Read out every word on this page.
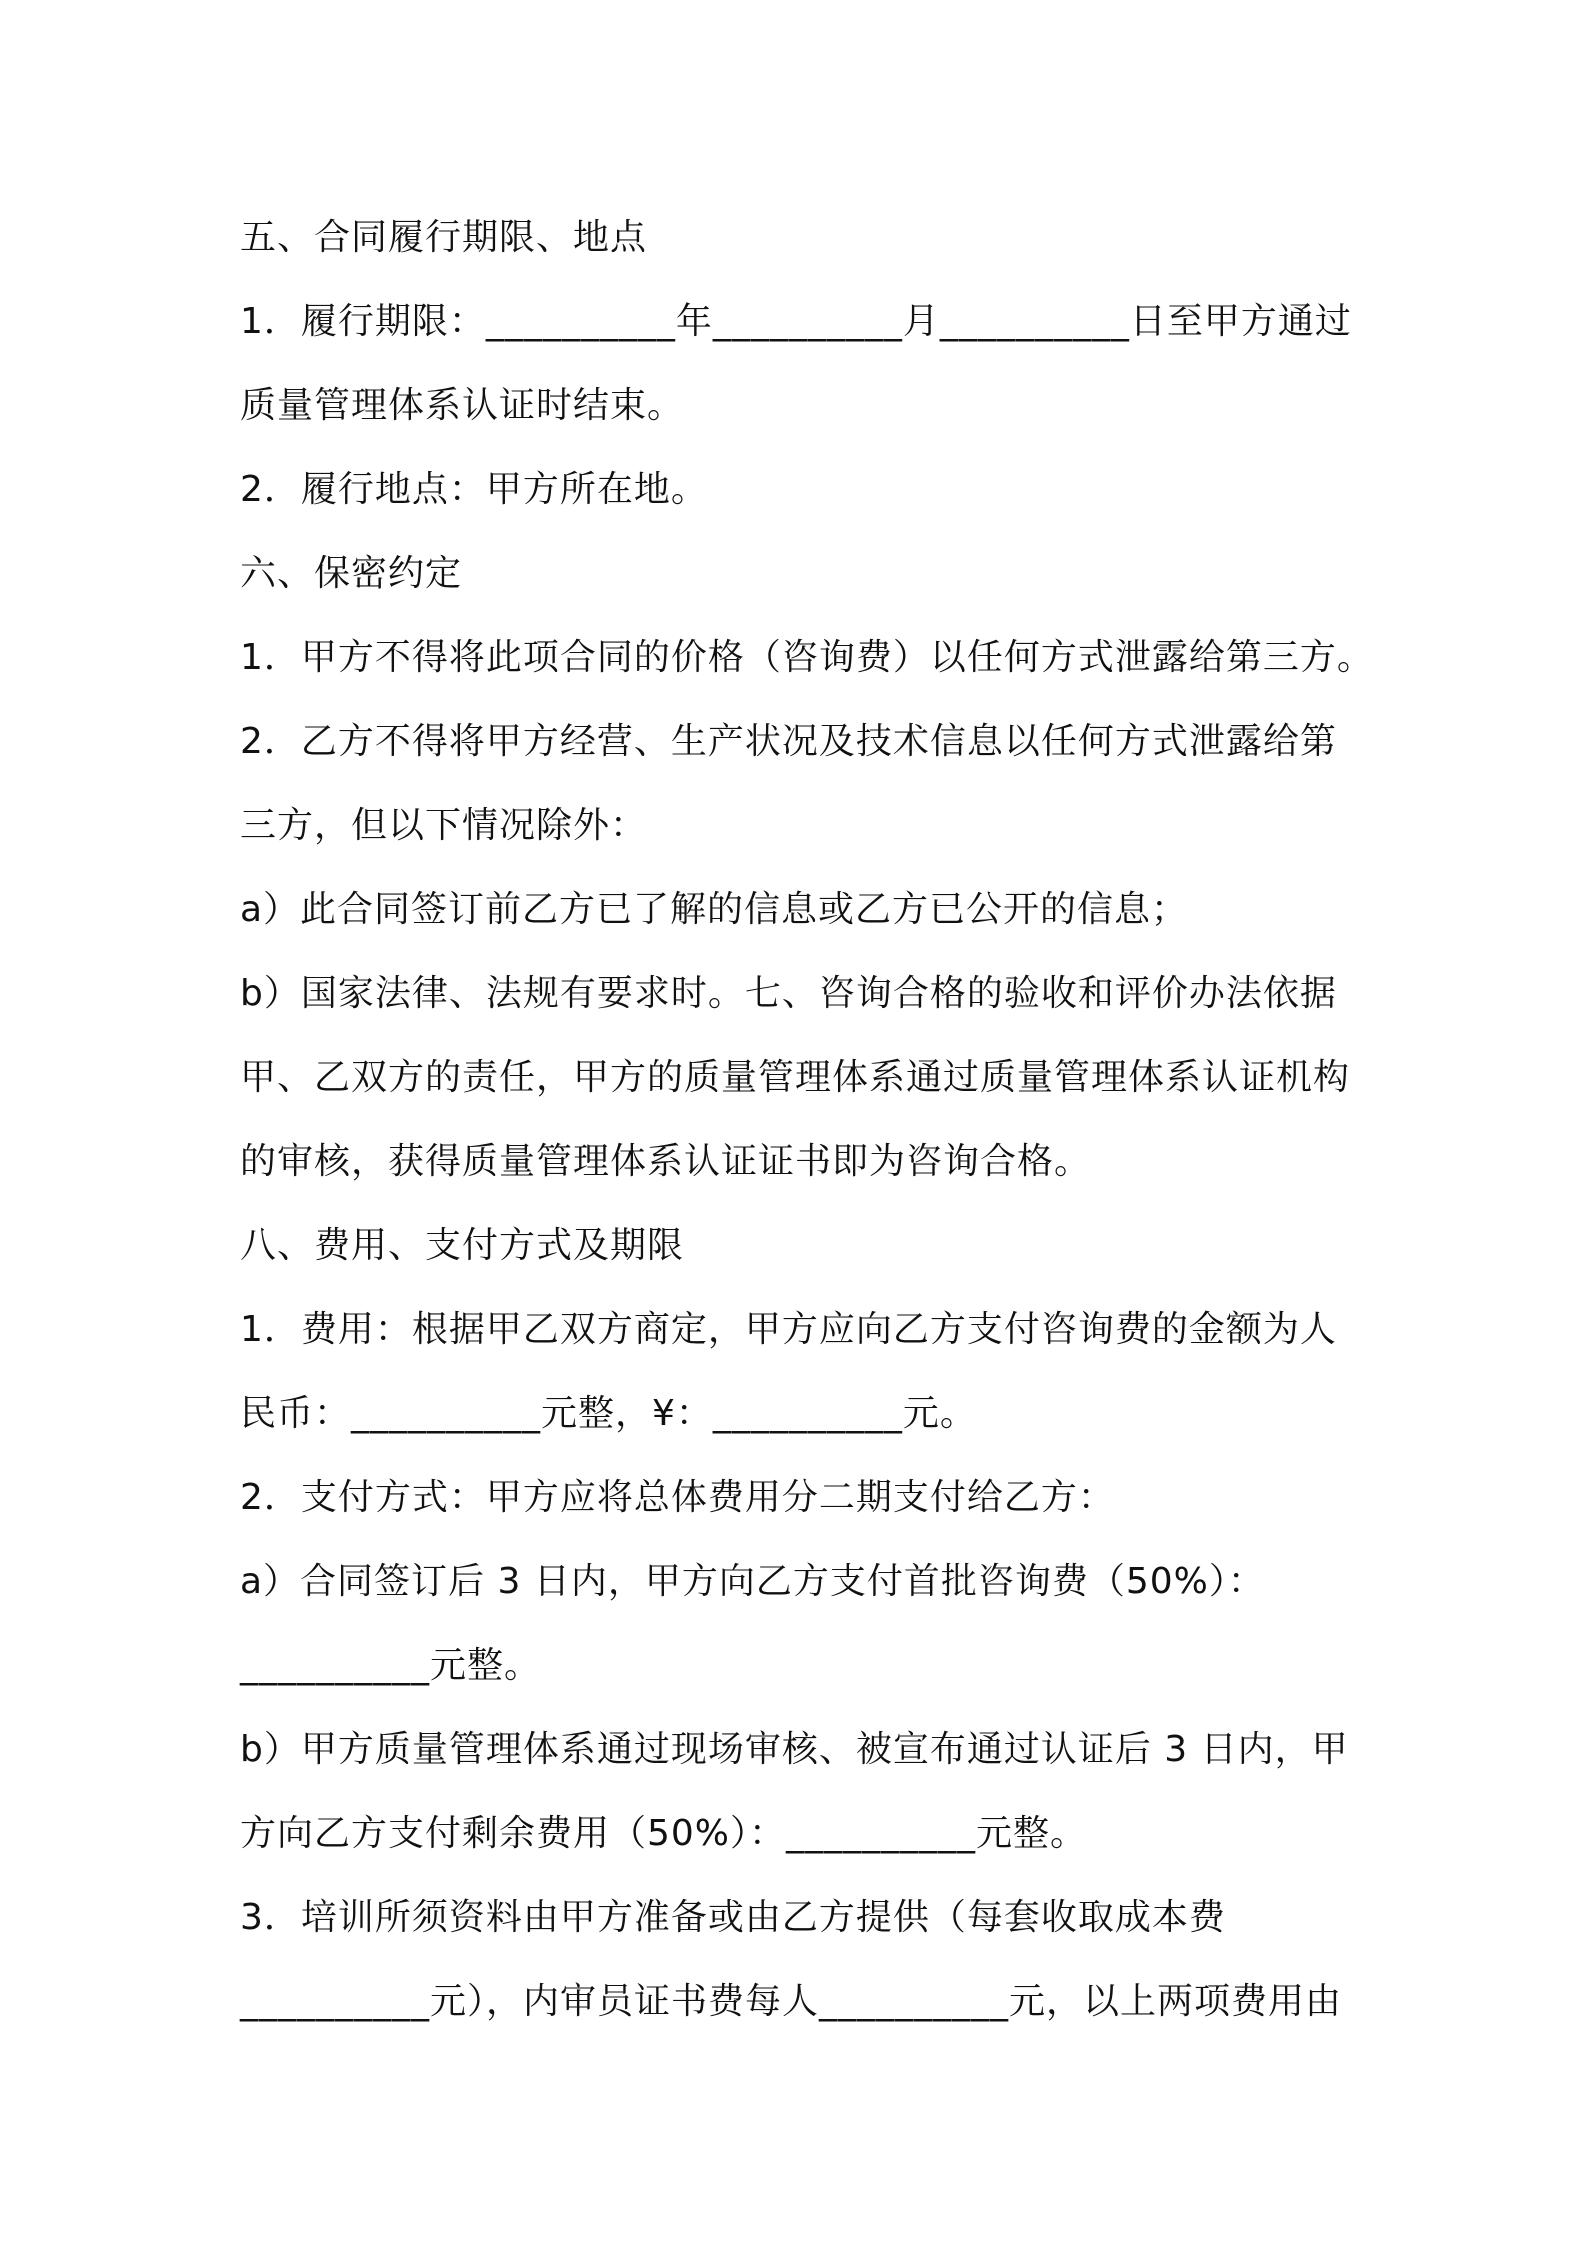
五、合同履行期限、地点
1．履行期限：__________年__________月__________日至甲方通过
质量管理体系认证时结束。
2．履行地点：甲方所在地。
六、保密约定
1．甲方不得将此项合同的价格（咨询费）以任何方式泄露给第三方。
2．乙方不得将甲方经营、生产状况及技术信息以任何方式泄露给第
三方，但以下情况除外：
a）此合同签订前乙方已了解的信息或乙方已公开的信息；
b）国家法律、法规有要求时。七、咨询合格的验收和评价办法依据
甲、乙双方的责任，甲方的质量管理体系通过质量管理体系认证机构
的审核，获得质量管理体系认证证书即为咨询合格。
八、费用、支付方式及期限
1．费用：根据甲乙双方商定，甲方应向乙方支付咨询费的金额为人
民币：__________元整，¥：__________元。
2．支付方式：甲方应将总体费用分二期支付给乙方：
a）合同签订后 3 日内，甲方向乙方支付首批咨询费（50%）：
__________元整。
b）甲方质量管理体系通过现场审核、被宣布通过认证后 3 日内，甲
方向乙方支付剩余费用（50%）：__________元整。
3．培训所须资料由甲方准备或由乙方提供（每套收取成本费
__________元），内审员证书费每人__________元，以上两项费用由
